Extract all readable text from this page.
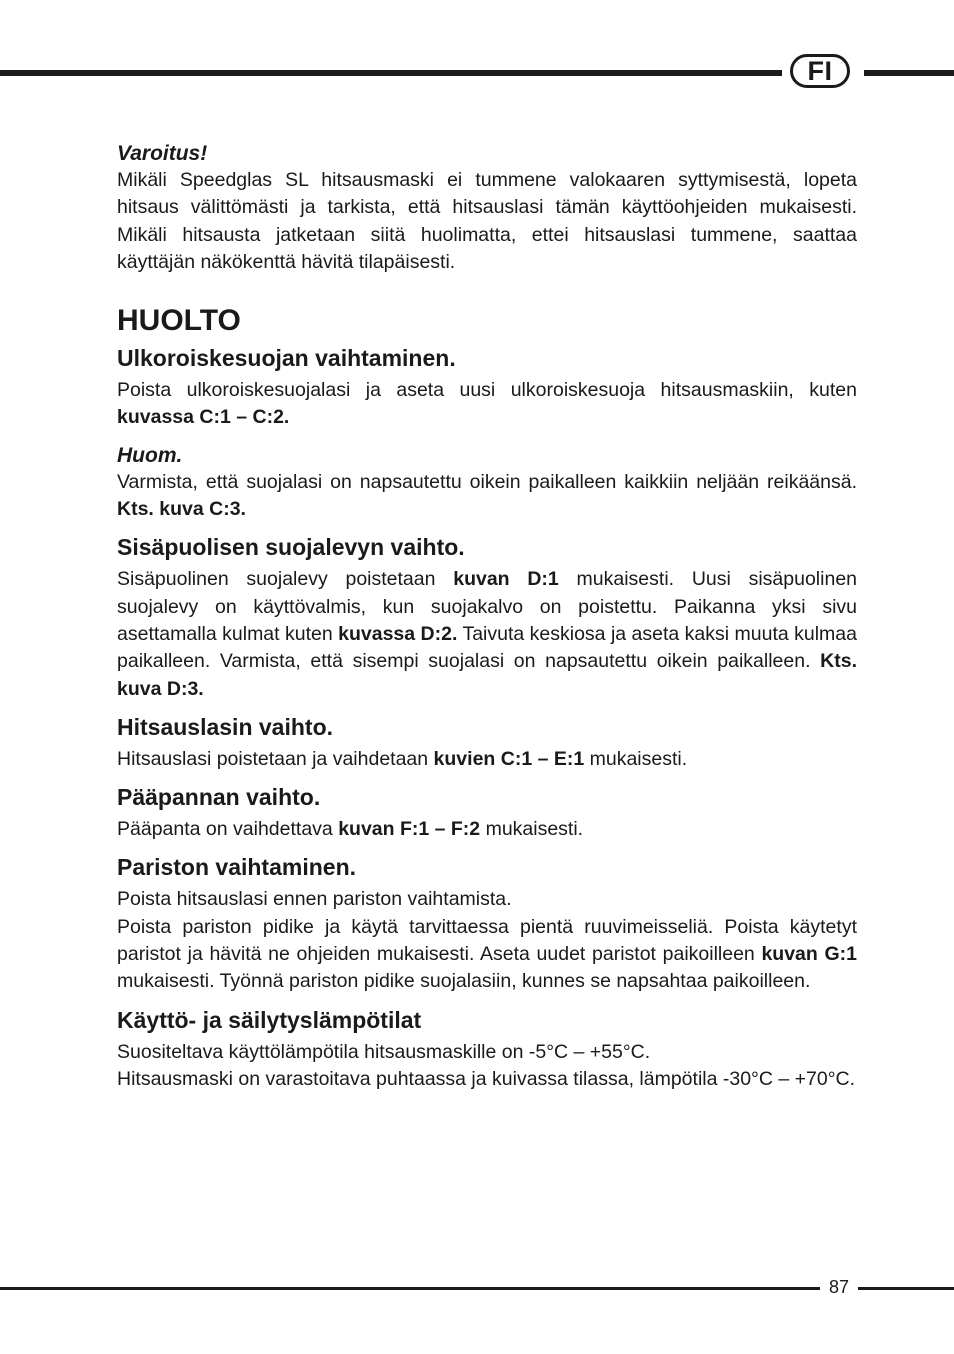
FI

Varoitus!

Mikäli Speedglas SL hitsausmaski ei tummene valokaaren syttymisestä, lopeta hitsaus välittömästi ja tarkista, että hitsauslasi tämän käyttöohjeiden mukaisesti. Mikäli hitsausta jatketaan siitä huolimatta, ettei hitsauslasi tummene, saattaa käyttäjän näkökenttä hävitä tilapäisesti.

HUOLTO
Ulkoroiskesuojan vaihtaminen.

Poista ulkoroiskesuojalasi ja aseta uusi ulkoroiskesuoja hitsausmaskiin, kuten kuvassa C:1 – C:2.

Huom.

Varmista, että suojalasi on napsautettu oikein paikalleen kaikkiin neljään reikäänsä. Kts. kuva C:3.

Sisäpuolisen suojalevyn vaihto.

Sisäpuolinen suojalevy poistetaan kuvan D:1 mukaisesti. Uusi sisäpuolinen suojalevy on käyttövalmis, kun suojakalvo on poistettu. Paikanna yksi sivu asettamalla kulmat kuten kuvassa D:2. Taivuta keskiosa ja aseta kaksi muuta kulmaa paikalleen. Varmista, että sisempi suojalasi on napsautettu oikein paikalleen. Kts. kuva D:3.

Hitsauslasin vaihto.

Hitsauslasi poistetaan ja vaihdetaan kuvien C:1 – E:1 mukaisesti.

Pääpannan vaihto.

Pääpanta on vaihdettava kuvan F:1 – F:2 mukaisesti.

Pariston vaihtaminen.

Poista hitsauslasi ennen pariston vaihtamista.

Poista pariston pidike ja käytä tarvittaessa pientä ruuvimeisseliä. Poista käytetyt paristot ja hävitä ne ohjeiden mukaisesti. Aseta uudet paristot paikoilleen kuvan G:1 mukaisesti. Työnnä pariston pidike suojalasiin, kunnes se napsahtaa paikoilleen.

Käyttö- ja säilytyslämpötilat

Suositeltava käyttölämpötila hitsausmaskille on -5°C – +55°C.

Hitsausmaski on varastoitava puhtaassa ja kuivassa tilassa, lämpötila -30°C – +70°C.

87
